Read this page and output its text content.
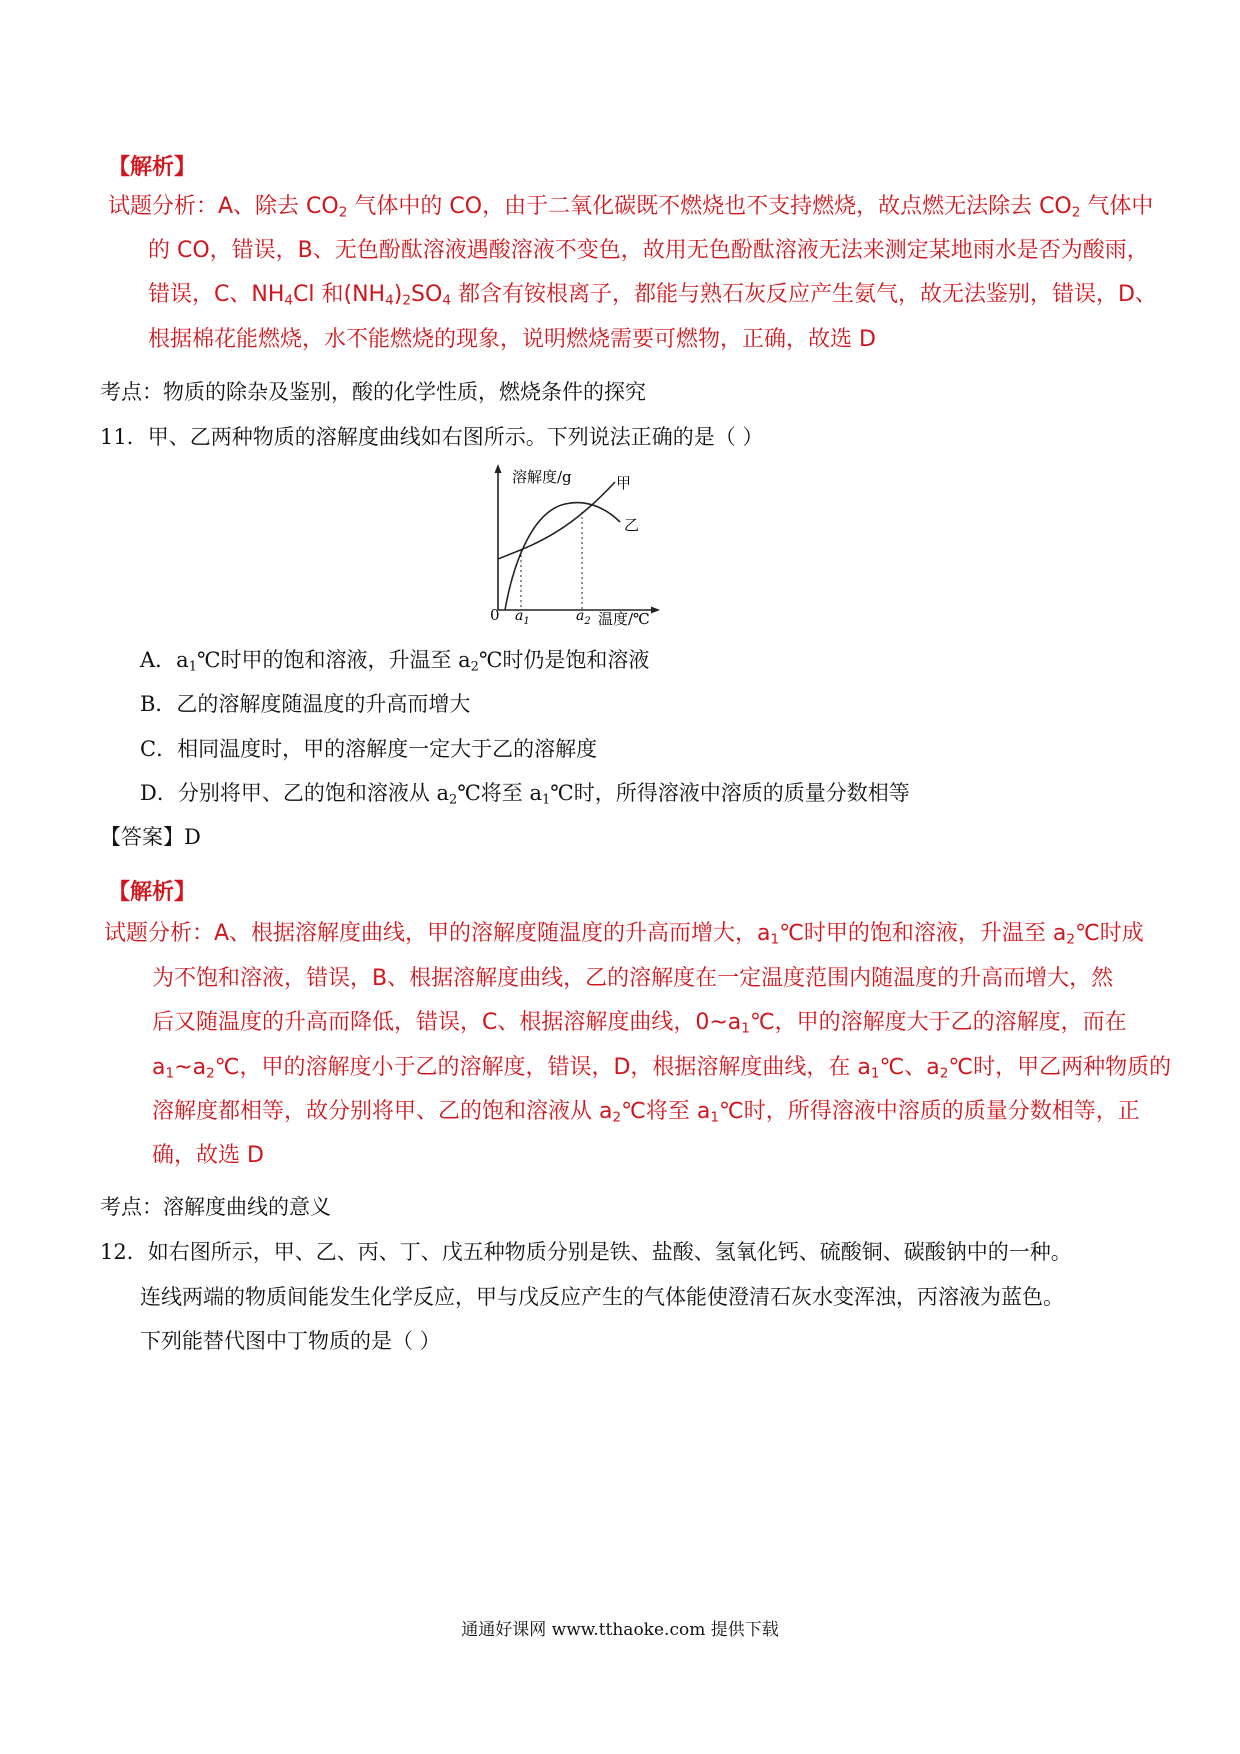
【解析】
试题分析：A、除去 $CO_2$ 气体中的 CO，由于二氧化碳既不燃烧也不支持燃烧，故点燃无法除去 $CO_2$ 气体中
的 CO，错误，B、无色酚酞溶液遇酸溶液不变色，故用无色酚酞溶液无法来测定某地雨水是否为酸雨，
错误，C、$NH_4Cl$ 和$(NH_4)_2SO_4$ 都含有铵根离子，都能与熟石灰反应产生氨气，故无法鉴别，错误，D、
根据棉花能燃烧，水不能燃烧的现象，说明燃烧需要可燃物，正确，故选 D
考点：物质的除杂及鉴别，酸的化学性质，燃烧条件的探究
11．甲、乙两种物质的溶解度曲线如右图所示。下列说法正确的是（ ）
溶解度/g
温度/℃
0
甲
乙
$a_1$	$a_2$
A．$a_1℃$时甲的饱和溶液，升温至 $a_2℃$时仍是饱和溶液
B．乙的溶解度随温度的升高而增大
C．相同温度时，甲的溶解度一定大于乙的溶解度
D．分别将甲、乙的饱和溶液从 $a_2℃$将至 $a_1℃$时，所得溶液中溶质的质量分数相等
【答案】D
【解析】
试题分析：A、根据溶解度曲线，甲的溶解度随温度的升高而增大，$a_1℃$时甲的饱和溶液，升温至 $a_2℃$时成
为不饱和溶液，错误，B、根据溶解度曲线，乙的溶解度在一定温度范围内随温度的升高而增大，然
后又随温度的升高而降低，错误，C、根据溶解度曲线，$0\sim a_1℃$，甲的溶解度大于乙的溶解度，而在
$a_1\sim a_2℃$，甲的溶解度小于乙的溶解度，错误，D，根据溶解度曲线，在 $a_1℃$、$a_2℃$时，甲乙两种物质的
溶解度都相等，故分别将甲、乙的饱和溶液从 $a_2℃$将至 $a_1℃$时，所得溶液中溶质的质量分数相等，正
确，故选 D
考点：溶解度曲线的意义
12．如右图所示，甲、乙、丙、丁、戊五种物质分别是铁、盐酸、氢氧化钙、硫酸铜、碳酸钠中的一种。
连线两端的物质间能发生化学反应，甲与戊反应产生的气体能使澄清石灰水变浑浊，丙溶液为蓝色。
下列能替代图中丁物质的是（ ）
通通好课网 www.tthaoke.com 提供下载
